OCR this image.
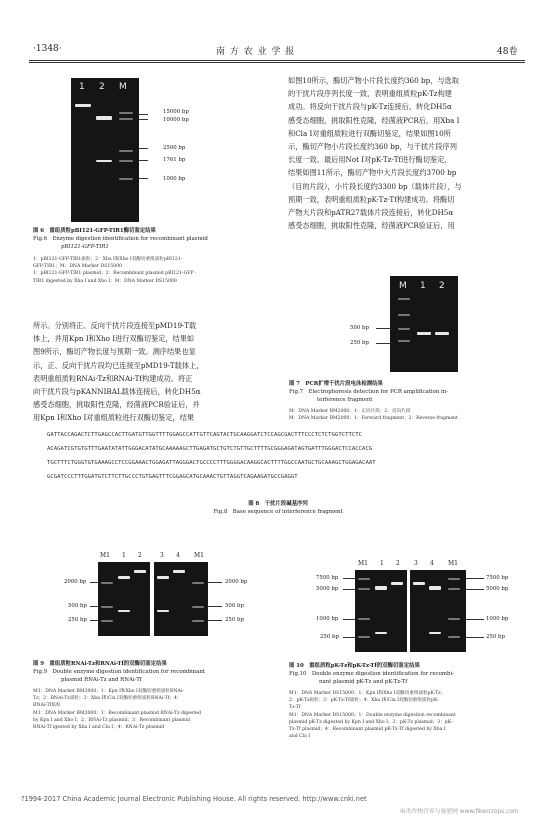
·1348·	南 方 农 业 学 报	48卷
1 2 M
15000 bp
10000 bp
2500 bp
1761 bp
1000 bp
图 6　重组质粒pBI121-GFP-TIR1酶切鉴定结果
Fig.6　Enzyme digestion identification for recombinant plasmid
pBI121-GFP-TIR1
1：pBI121-GFP-TIR1质粒；2：Xba Ⅰ和Xho Ⅰ双酶切重组质粒pBI121-
GFP-TIR1；M：DNA Marker DS15000
1：pBI121-GFP-TIR1 plasmid；2：Recombinant plasmid pBI121-GFP -
TIR1 digested by Xba Ⅰ and Xho Ⅰ；M：DNA Marker DS15000
所示。分别将正、反向干扰片段连接至pMD19-T载
体上，并用Kpn Ⅰ和Xho Ⅰ进行双酶切鉴定，结果如
图9所示，酶切产物长度与预期一致。测序结果也显
示，正、反向干扰片段均已连接至pMD19-T载体上，
表明重组质粒RNAi-Tz和RNAi-Tf构建成功。将正
向干扰片段与pKANNIBAL载体连接后，转化DH5α
感受态细胞，挑取阳性克隆，经菌液PCR验证后，并
用Kpn Ⅰ和Xho Ⅰ对重组质粒进行双酶切鉴定，结果
如图10所示，酶切产物小片段长度约360 bp，与选取
的干扰片段序列长度一致，表明重组质粒pK-Tz构建
成功。将反向干扰片段与pK-Tz连接后，转化DH5α
感受态细胞，挑取阳性克隆，经菌液PCR后，用Xba Ⅰ
和Cla Ⅰ对重组质粒进行双酶切鉴定，结果如图10所
示，酶切产物小片段长度约360 bp，与干扰片段序列
长度一致。最后用Not Ⅰ对pK-Tz-Tf进行酶切鉴定，
结果如图11所示，酶切产物中大片段长度约3700 bp
（目的片段），小片段长度约3300 bp（载体片段），与
预期一致，表明重组质粒pK-Tz-Tf构建成功。将酶切
产物大片段和pATR27载体片段连接后，转化DH5α
感受态细胞，挑取阳性克隆，经菌液PCR验证后，用
M 1 2
500 bp
250 bp
图 7　PCR扩增干扰片段电泳检测结果
Fig.7　Electrophoresis detection for PCR amplification in-
terference fragment
M：DNA Marker BM2000；1：正向片段；2：反向片段
M：DNA Marker BM2000；1：Forward fragment；2：Reverse fragment
GATTACCAGACTCTTGAGCCACTTGATGTTGGTTTTGGAGCCATTGTTCAGTACTGCAAGGATCTCCAGCGACTTTCCCTCTCTGGTCTTCTC
ACAGATCGTGTGTTTGAATATATTGGGACATATGCAAAAAGCTTGAGATGCTGTCTGTTGCTTTTGCGGGAGATAGTGATTTGGGACTCCACCACG
TGCTTTCTGGGTGTGAAAGCCTCCGGAAACTGGAGATTAGGGACTGCCCCTTTGGGGACAAGGCACTTTTGGCCAATGCTGCAAAGCTGGAGACAAT
GCGATCCCTTTGGATGTCTTCTTGCCCTGTGAGTTTCGGAGCATGCAAACTGTTAGGTCAGAAGATGCCGAGGT
图 8　干扰片段碱基序列
Fig.8　Base sequence of interference fragment
M1 1 2	3 4 M1
2000 bp
500 bp
250 bp
2000 bp
500 bp
250 bp
图 9　重组质粒RNAi-Tz和RNAi-Tf的双酶切鉴定结果
Fig.9　Double enzyme digestion identification for recombinant
plasmid RNAi-Tz and RNAi-Tf
M1：DNA Marker BM2000；1：Kpn Ⅰ和Xho Ⅰ双酶切重组质粒RNAi-
Tz；2：RNAi-Tz质粒；3：Xba Ⅰ和Cla Ⅰ双酶切重组质粒RNAi-Tf；4：
RNAi-Tf质粒
M1：DNA Marker BM2000；1：Recombinant plasmid RNAi-Tz digested
by Kpn Ⅰ and Xho Ⅰ；2：RNAi-Tz plasmid；3：Recombinant plasmid
RNAi-Tf igested by Xba Ⅰ and Cla Ⅰ；4：RNAi-Tz plasmid
M1 1 2 3 4 M1
7500 bp
5000 bp
1000 bp
250 bp
7500 bp
5000 bp
1000 bp
250 bp
图 10　重组质粒pK-Tz和pK-Tz-Tf的双酶切鉴定结果
Fig.10　Double enzyme digestion identification for recombi-
nant plasmid pK-Tz and pK-Tz-Tf
M1：DNA Marker DS15000；1：Kpn Ⅰ和Xho Ⅰ双酶切重组质粒pK-Tz；
2：pK-Tz质粒；3：pK-Tz-Tf质粒；4：Xba Ⅰ和Cla Ⅰ双酶切重组质粒pK-
Tz-Tf
M1：DNA Marker DS15000；1：Double enzyme digestion recombinant
plasmid pK-Tz digested by Kpn Ⅰ and Xho Ⅰ；2：pK-Tz plasmid；3：pK-
Tz-Tf plasmid；4：Recombinant plasmid pK-Tz-Tf digested by Xba Ⅰ
and Cla Ⅰ
?1994-2017 China Academic Journal Electronic Publishing House. All rights reserved. http://www.cnki.net
麻类作物营养与施肥网 www.fibercrops.com
